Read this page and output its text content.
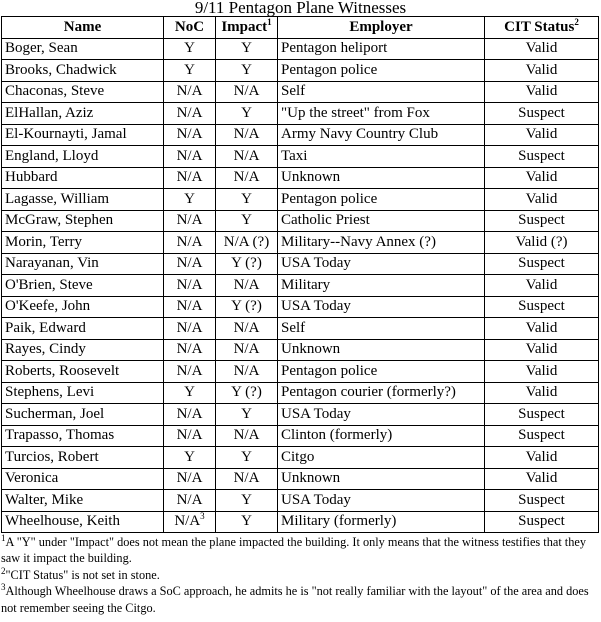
9/11 Pentagon Plane Witnesses
Name	NoC	Impact$^1$	Employer	CIT Status$^2$
Boger, Sean	Y	Y	Pentagon heliport	Valid
Brooks, Chadwick	Y	Y	Pentagon police	Valid
Chaconas, Steve	N/A	N/A	Self	Valid
ElHallan, Aziz	N/A	Y	"Up the street" from Fox	Suspect
El-Kournayti, Jamal	N/A	N/A	Army Navy Country Club	Valid
England, Lloyd	N/A	N/A	Taxi	Suspect
Hubbard	N/A	N/A	Unknown	Valid
Lagasse, William	Y	Y	Pentagon police	Valid
McGraw, Stephen	N/A	Y	Catholic Priest	Suspect
Morin, Terry	N/A	N/A (?)	Military--Navy Annex (?)	Valid (?)
Narayanan, Vin	N/A	Y (?)	USA Today	Suspect
O'Brien, Steve	N/A	N/A	Military	Valid
O'Keefe, John	N/A	Y (?)	USA Today	Suspect
Paik, Edward	N/A	N/A	Self	Valid
Rayes, Cindy	N/A	N/A	Unknown	Valid
Roberts, Roosevelt	N/A	N/A	Pentagon police	Valid
Stephens, Levi	Y	Y (?)	Pentagon courier (formerly?)	Valid
Sucherman, Joel	N/A	Y	USA Today	Suspect
Trapasso, Thomas	N/A	N/A	Clinton (formerly)	Suspect
Turcios, Robert	Y	Y	Citgo	Valid
Veronica	N/A	N/A	Unknown	Valid
Walter, Mike	N/A	Y	USA Today	Suspect
Wheelhouse, Keith	$N/A^3$	Y	Military (formerly)	Suspect
$^1$A "Y" under "Impact" does not mean the plane impacted the building. It only means that the witness testifies that they saw it impact the building.
$^2$"CIT Status" is not set in stone.
$^3$Although Wheelhouse draws a SoC approach, he admits he is "not really familiar with the layout" of the area and does not remember seeing the Citgo.
